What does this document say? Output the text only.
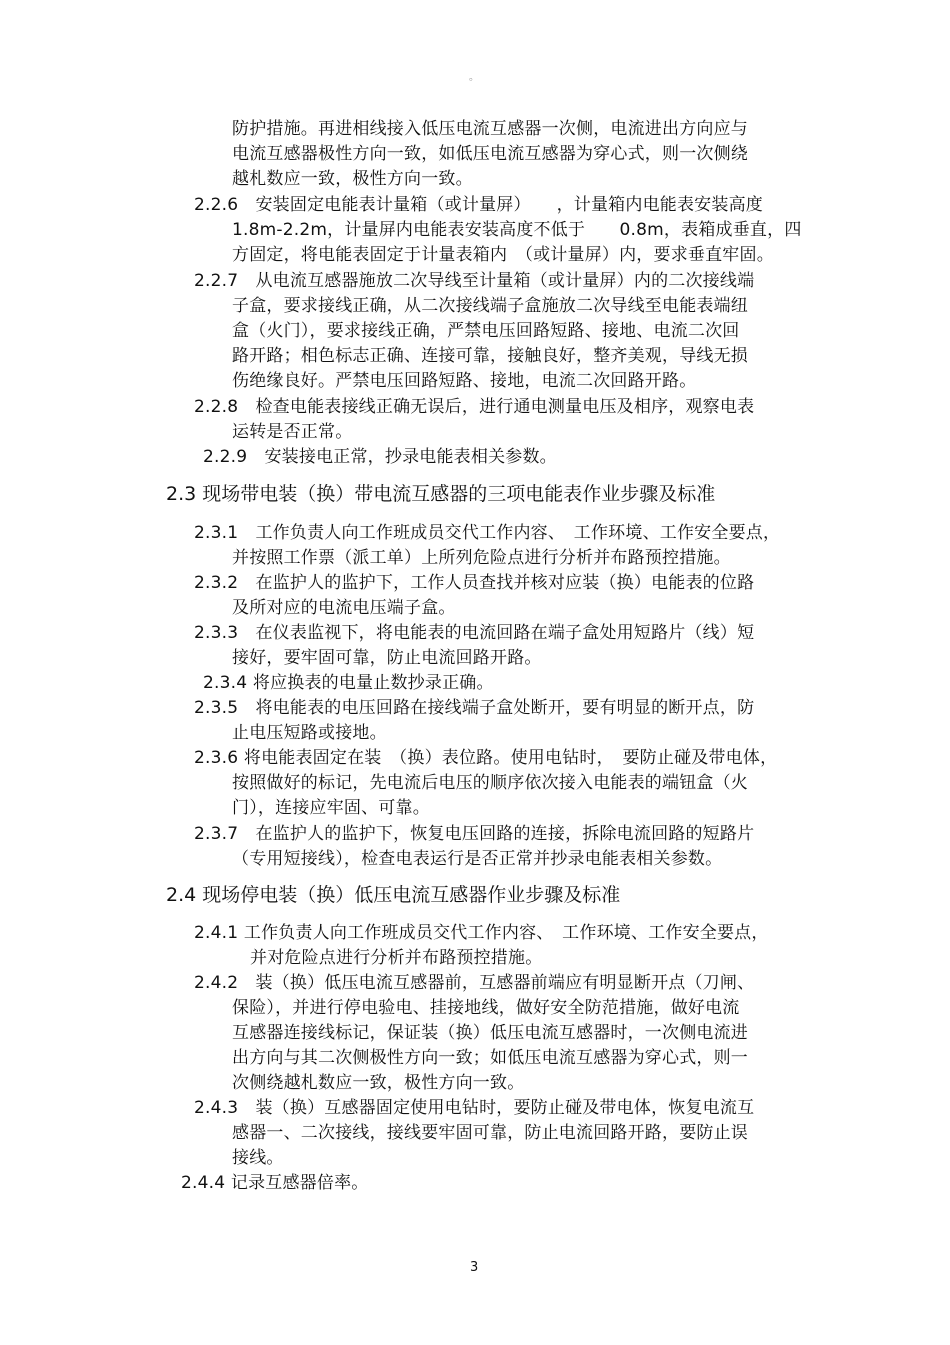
。
防护措施。再进相线接入低压电流互感器一次侧，电流进出方向应与
电流互感器极性方向一致，如低压电流互感器为穿心式，则一次侧绕
越札数应一致，极性方向一致。
2.2.6　 安装固定电能表计量箱（或计量屏）　　，计量箱内电能表安装高度
1.8m-2.2m，计量屏内电能表安装高度不低于　　0.8m，表箱成垂直，四
方固定，将电能表固定于计量表箱内　（或计量屏）内，要求垂直牢固。
2.2.7　 从电流互感器施放二次导线至计量箱（或计量屏）内的二次接线端
子盒，要求接线正确，从二次接线端子盒施放二次导线至电能表端纽
盒（火门），要求接线正确，严禁电压回路短路、接地、电流二次回
路开路；相色标志正确、连接可靠，接触良好，整齐美观，导线无损
伤绝缘良好。严禁电压回路短路、接地，电流二次回路开路。
2.2.8　 检查电能表接线正确无误后，进行通电测量电压及相序，观察电表
运转是否正常。
2.2.9　 安装接电正常，抄录电能表相关参数。
2.3 现场带电装（换）带电流互感器的三项电能表作业步骤及标准
2.3.1　 工作负责人向工作班成员交代工作内容、　工作环境、工作安全要点，
并按照工作票（派工单）上所列危险点进行分析并布路预控措施。
2.3.2　 在监护人的监护下，工作人员查找并核对应装（换）电能表的位路
及所对应的电流电压端子盒。
2.3.3　 在仪表监视下，将电能表的电流回路在端子盒处用短路片（线）短
接好，要牢固可靠，防止电流回路开路。
2.3.4 将应换表的电量止数抄录正确。
2.3.5　 将电能表的电压回路在接线端子盒处断开，要有明显的断开点，防
止电压短路或接地。
2.3.6 将电能表固定在装　（换）表位路。使用电钻时，　要防止碰及带电体，
按照做好的标记，先电流后电压的顺序依次接入电能表的端钮盒（火
门），连接应牢固、可靠。
2.3.7　 在监护人的监护下，恢复电压回路的连接，拆除电流回路的短路片
（专用短接线），检查电表运行是否正常并抄录电能表相关参数。
2.4 现场停电装（换）低压电流互感器作业步骤及标准
2.4.1 工作负责人向工作班成员交代工作内容、　工作环境、工作安全要点，
并对危险点进行分析并布路预控措施。
2.4.2　 装（换）低压电流互感器前，互感器前端应有明显断开点（刀闸、
保险），并进行停电验电、挂接地线，做好安全防范措施，做好电流
互感器连接线标记，保证装（换）低压电流互感器时，一次侧电流进
出方向与其二次侧极性方向一致；如低压电流互感器为穿心式，则一
次侧绕越札数应一致，极性方向一致。
2.4.3　 装（换）互感器固定使用电钻时，要防止碰及带电体，恢复电流互
感器一、二次接线，接线要牢固可靠，防止电流回路开路，要防止误
接线。
2.4.4 记录互感器倍率。
3
